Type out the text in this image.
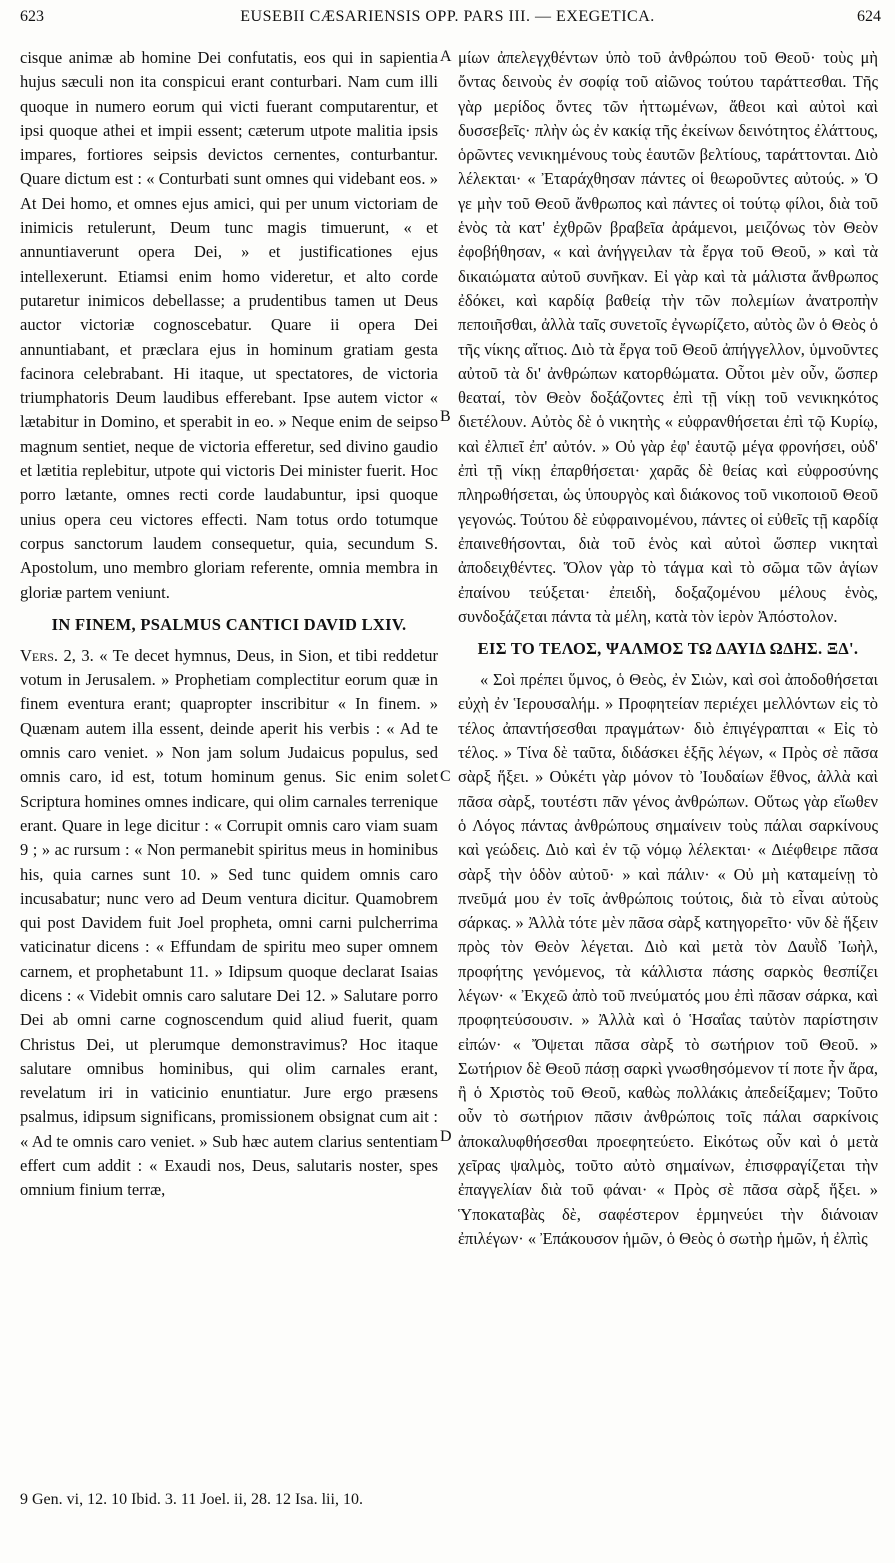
623	EUSEBII CÆSARIENSIS OPP. PARS III. — EXEGETICA.	624
A
B
C
D

cisque animæ ab homine Dei confutatis, eos qui in sapientia hujus sæculi non ita conspicui erant conturbari. Nam cum illi quoque in numero eorum qui victi fuerant computarentur, et ipsi quoque athei et impii essent; cæterum utpote malitia ipsis impares, fortiores seipsis devictos cernentes, conturbantur. Quare dictum est : « Conturbati sunt omnes qui videbant eos. » At Dei homo, et omnes ejus amici, qui per unum victoriam de inimicis retulerunt, Deum tunc magis timuerunt, « et annuntiaverunt opera Dei, » et justificationes ejus intellexerunt. Etiamsi enim homo videretur, et alto corde putaretur inimicos debellasse; a prudentibus tamen ut Deus auctor victoriæ cognoscebatur. Quare ii opera Dei annuntiabant, et præclara ejus in hominum gratiam gesta facinora celebrabant. Hi itaque, ut spectatores, de victoria triumphatoris Deum laudibus efferebant. Ipse autem victor « lætabitur in Domino, et sperabit in eo. » Neque enim de seipso magnum sentiet, neque de victoria efferetur, sed divino gaudio et lætitia replebitur, utpote qui victoris Dei minister fuerit. Hoc porro lætante, omnes recti corde laudabuntur, ipsi quoque unius opera ceu victores effecti. Nam totus ordo totumque corpus sanctorum laudem consequetur, quia, secundum S. Apostolum, uno membro gloriam referente, omnia membra in gloriæ partem veniunt.

IN FINEM, PSALMUS CANTICI DAVID LXIV.

Vers. 2, 3. « Te decet hymnus, Deus, in Sion, et tibi reddetur votum in Jerusalem. » Prophetiam complectitur eorum quæ in finem eventura erant; quapropter inscribitur « In finem. » Quænam autem illa essent, deinde aperit his verbis : « Ad te omnis caro veniet. » Non jam solum Judaicus populus, sed omnis caro, id est, totum hominum genus. Sic enim solet Scriptura homines omnes indicare, qui olim carnales terrenique erant. Quare in lege dicitur : « Corrupit omnis caro viam suam 9 ; » ac rursum : « Non permanebit spiritus meus in hominibus his, quia carnes sunt 10. » Sed tunc quidem omnis caro incusabatur; nunc vero ad Deum ventura dicitur. Quamobrem qui post Davidem fuit Joel propheta, omni carni pulcherrima vaticinatur dicens : « Effundam de spiritu meo super omnem carnem, et prophetabunt 11. » Idipsum quoque declarat Isaias dicens : « Videbit omnis caro salutare Dei 12. » Salutare porro Dei ab omni carne cognoscendum quid aliud fuerit, quam Christus Dei, ut plerumque demonstravimus? Hoc itaque salutare omnibus hominibus, qui olim carnales erant, revelatum iri in vaticinio enuntiatur. Jure ergo præsens psalmus, idipsum significans, promissionem obsignat cum ait : « Ad te omnis caro veniet. » Sub hæc autem clarius sententiam effert cum addit : « Exaudi nos, Deus, salutaris noster, spes omnium finium terræ,

μίων ἀπελεγχθέντων ὑπὸ τοῦ ἀνθρώπου τοῦ Θεοῦ· τοὺς μὴ ὄντας δεινοὺς ἐν σοφίᾳ τοῦ αἰῶνος τούτου ταράττεσθαι. Τῆς γὰρ μερίδος ὄντες τῶν ἡττωμένων, ἄθεοι καὶ αὐτοὶ καὶ δυσσεβεῖς· πλὴν ὡς ἐν κακίᾳ τῆς ἐκείνων δεινότητος ἐλάττους, ὁρῶντες νενικημένους τοὺς ἑαυτῶν βελτίους, ταράττονται. Διὸ λέλεκται· « Ἐταράχθησαν πάντες οἱ θεωροῦντες αὐτούς. » Ὁ γε μὴν τοῦ Θεοῦ ἄνθρωπος καὶ πάντες οἱ τούτῳ φίλοι, διὰ τοῦ ἑνὸς τὰ κατ' ἐχθρῶν βραβεῖα ἀράμενοι, μειζόνως τὸν Θεὸν ἐφοβήθησαν, « καὶ ἀνήγγειλαν τὰ ἔργα τοῦ Θεοῦ, » καὶ τὰ δικαιώματα αὐτοῦ συνῆκαν. Εἰ γὰρ καὶ τὰ μάλιστα ἄνθρωπος ἐδόκει, καὶ καρδίᾳ βαθείᾳ τὴν τῶν πολεμίων ἀνατροπὴν πεποιῆσθαι, ἀλλὰ ταῖς συνετοῖς ἐγνωρίζετο, αὐτὸς ὢν ὁ Θεὸς ὁ τῆς νίκης αἴτιος. Διὸ τὰ ἔργα τοῦ Θεοῦ ἀπήγγελλον, ὑμνοῦντες αὐτοῦ τὰ δι' ἀνθρώπων κατορθώματα. Οὗτοι μὲν οὖν, ὥσπερ θεαταί, τὸν Θεὸν δοξάζοντες ἐπὶ τῇ νίκῃ τοῦ νενικηκότος διετέλουν. Αὐτὸς δὲ ὁ νικητὴς « εὐφρανθήσεται ἐπὶ τῷ Κυρίῳ, καὶ ἐλπιεῖ ἐπ' αὐτόν. » Οὐ γὰρ ἐφ' ἑαυτῷ μέγα φρονήσει, οὐδ' ἐπὶ τῇ νίκῃ ἐπαρθήσεται· χαρᾶς δὲ θείας καὶ εὐφροσύνης πληρωθήσεται, ὡς ὑπουργὸς καὶ διάκονος τοῦ νικοποιοῦ Θεοῦ γεγονώς. Τούτου δὲ εὐφραινομένου, πάντες οἱ εὐθεῖς τῇ καρδίᾳ ἐπαινεθήσονται, διὰ τοῦ ἑνὸς καὶ αὐτοὶ ὥσπερ νικηταὶ ἀποδειχθέντες. Ὅλον γὰρ τὸ τάγμα καὶ τὸ σῶμα τῶν ἁγίων ἐπαίνου τεύξεται· ἐπειδὴ, δοξαζομένου μέλους ἑνὸς, συνδοξάζεται πάντα τὰ μέλη, κατὰ τὸν ἱερὸν Ἀπόστολον.

ΕΙΣ ΤΟ ΤΕΛΟΣ, ΨΑΛΜΟΣ ΤΩ ΔΑΥΙΔ ΩΔΗΣ. ΞΔ'.

« Σοὶ πρέπει ὕμνος, ὁ Θεὸς, ἐν Σιὼν, καὶ σοὶ ἀποδοθήσεται εὐχὴ ἐν Ἱερουσαλήμ. » Προφητείαν περιέχει μελλόντων εἰς τὸ τέλος ἀπαντήσεσθαι πραγμάτων· διὸ ἐπιγέγραπται « Εἰς τὸ τέλος. » Τίνα δὲ ταῦτα, διδάσκει ἑξῆς λέγων, « Πρὸς σὲ πᾶσα σὰρξ ἥξει. » Οὐκέτι γὰρ μόνον τὸ Ἰουδαίων ἔθνος, ἀλλὰ καὶ πᾶσα σὰρξ, τουτέστι πᾶν γένος ἀνθρώπων. Οὕτως γὰρ εἴωθεν ὁ Λόγος πάντας ἀνθρώπους σημαίνειν τοὺς πάλαι σαρκίνους καὶ γεώδεις. Διὸ καὶ ἐν τῷ νόμῳ λέλεκται· « Διέφθειρε πᾶσα σὰρξ τὴν ὁδὸν αὐτοῦ· » καὶ πάλιν· « Οὐ μὴ καταμείνῃ τὸ πνεῦμά μου ἐν τοῖς ἀνθρώποις τούτοις, διὰ τὸ εἶναι αὐτοὺς σάρκας. » Ἀλλὰ τότε μὲν πᾶσα σὰρξ κατηγορεῖτο· νῦν δὲ ἥξειν πρὸς τὸν Θεὸν λέγεται. Διὸ καὶ μετὰ τὸν Δαυῒδ Ἰωὴλ, προφήτης γενόμενος, τὰ κάλλιστα πάσης σαρκὸς θεσπίζει λέγων· « Ἐκχεῶ ἀπὸ τοῦ πνεύματός μου ἐπὶ πᾶσαν σάρκα, καὶ προφητεύσουσιν. » Ἀλλὰ καὶ ὁ Ἡσαΐας ταὐτὸν παρίστησιν εἰπών· « Ὄψεται πᾶσα σὰρξ τὸ σωτήριον τοῦ Θεοῦ. » Σωτήριον δὲ Θεοῦ πάσῃ σαρκὶ γνωσθησόμενον τί ποτε ἦν ἄρα, ἢ ὁ Χριστὸς τοῦ Θεοῦ, καθὼς πολλάκις ἀπεδείξαμεν; Τοῦτο οὖν τὸ σωτήριον πᾶσιν ἀνθρώποις τοῖς πάλαι σαρκίνοις ἀποκαλυφθήσεσθαι προεφητεύετο. Εἰκότως οὖν καὶ ὁ μετὰ χεῖρας ψαλμὸς, τοῦτο αὐτὸ σημαίνων, ἐπισφραγίζεται τὴν ἐπαγγελίαν διὰ τοῦ φάναι· « Πρὸς σὲ πᾶσα σὰρξ ἥξει. » Ὑποκαταβὰς δὲ, σαφέστερον ἑρμηνεύει τὴν διάνοιαν ἐπιλέγων· « Ἐπάκουσον ἡμῶν, ὁ Θεὸς ὁ σωτὴρ ἡμῶν, ἡ ἐλπὶς

9 Gen. vi, 12. 10 Ibid. 3. 11 Joel. ii, 28. 12 Isa. lii, 10.
